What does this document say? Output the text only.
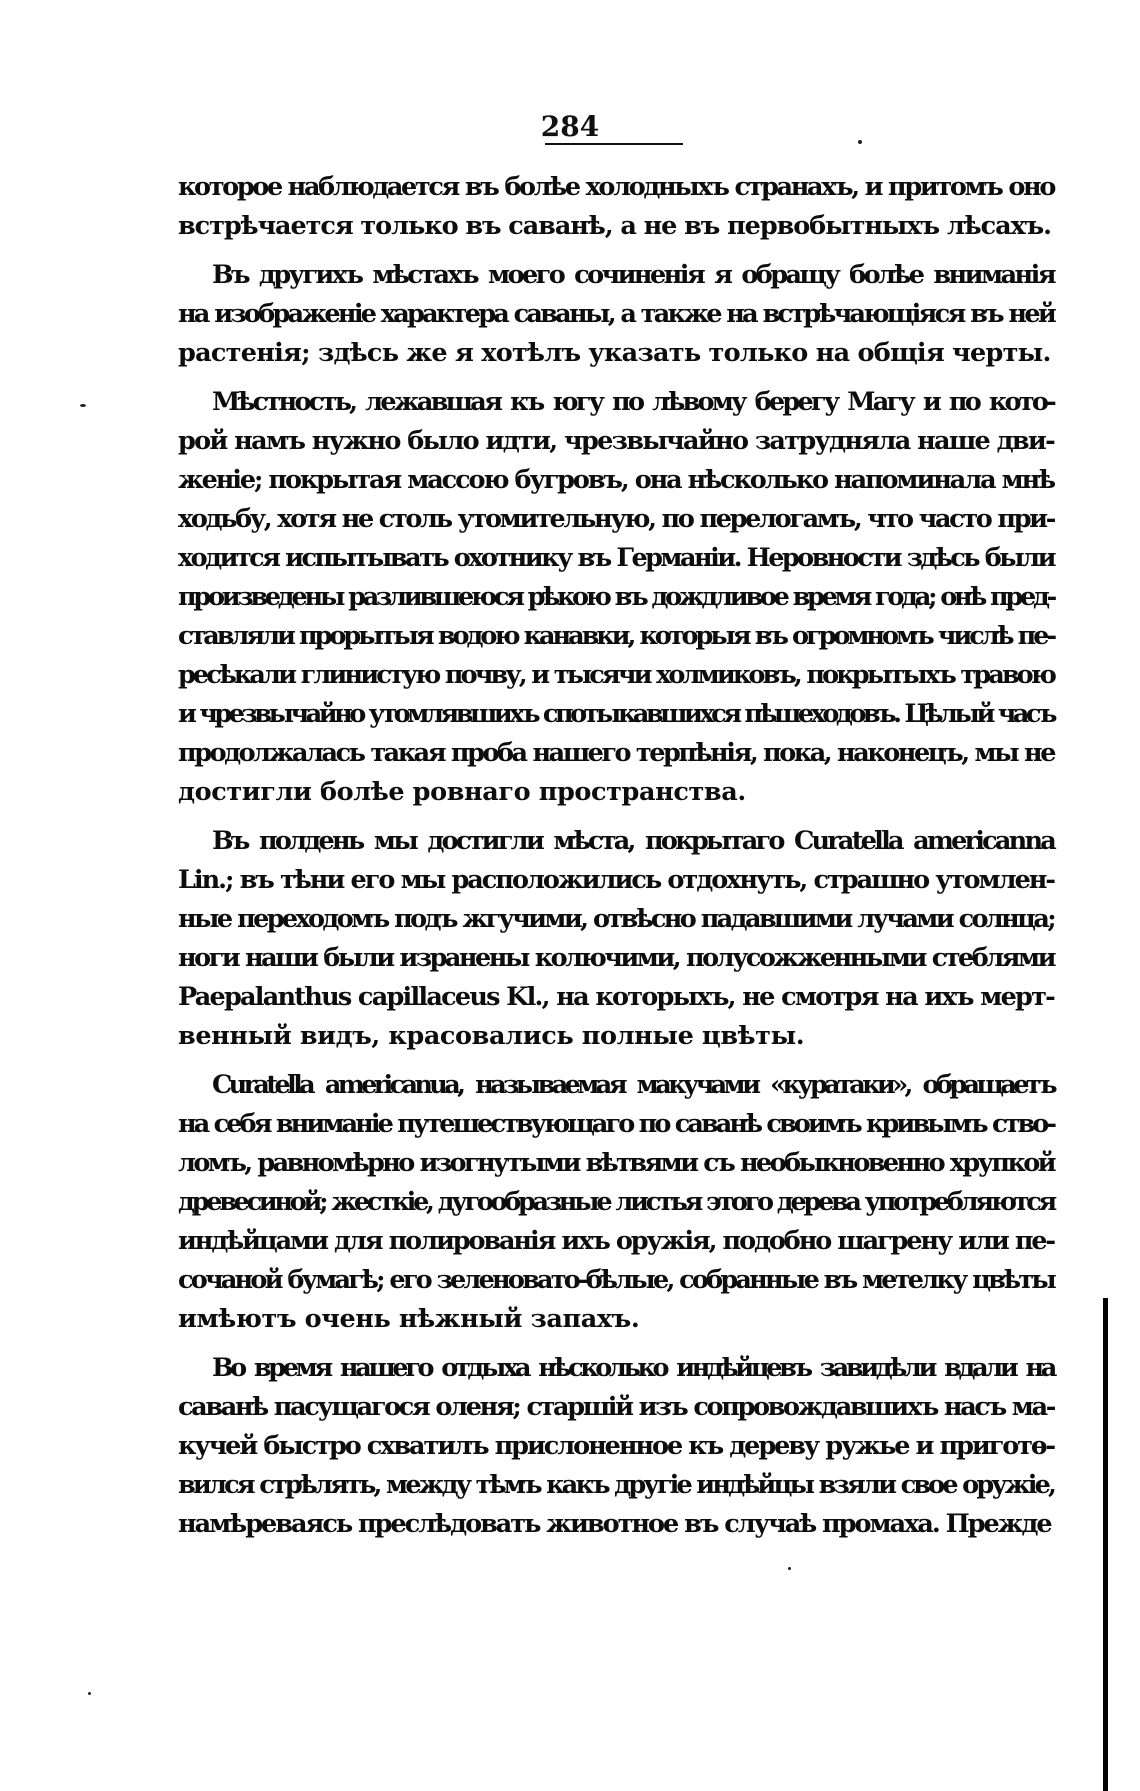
284
которое наблюдается въ болѣе холодныхъ странахъ, и притомъ оно
встрѣчается только въ саванѣ, а не въ первобытныхъ лѣсахъ.
Въ другихъ мѣстахъ моего сочиненія я обращу болѣе вниманія
на изображеніе характера саваны, а также на встрѣчающіяся въ ней
растенія; здѣсь же я хотѣлъ указать только на общія черты.
Мѣстность, лежавшая къ югу по лѣвому берегу Магу и по кото-
рой намъ нужно было идти, чрезвычайно затрудняла наше дви-
женіе; покрытая массою бугровъ, она нѣсколько напоминала мнѣ
ходьбу, хотя не столь утомительную, по перелогамъ, что часто при-
ходится испытывать охотнику въ Германіи. Неровности здѣсь были
произведены разлившеюся рѣкою въ дождливое время года; онѣ пред-
ставляли прорытыя водою канавки, которыя въ огромномъ числѣ пе-
ресѣкали глинистую почву, и тысячи холмиковъ, покрытыхъ травою
и чрезвычайно утомлявшихъ спотыкавшихся пѣшеходовъ. Цѣлый часъ
продолжалась такая проба нашего терпѣнія, пока, наконецъ, мы не
достигли болѣе ровнаго пространства.
Въ полдень мы достигли мѣста, покрытаго Curatella americanna
Lin.; въ тѣни его мы расположились отдохнуть, страшно утомлен-
ные переходомъ подъ жгучими, отвѣсно падавшими лучами солнца;
ноги наши были изранены колючими, полусожженными стеблями
Paepalanthus capillaceus Kl., на которыхъ, не смотря на ихъ мерт-
венный видъ, красовались полные цвѣты.
Curatella americanua, называемая макучами «куратаки», обращаетъ
на себя вниманіе путешествующаго по саванѣ своимъ кривымъ ство-
ломъ, равномѣрно изогнутыми вѣтвями съ необыкновенно хрупкой
древесиной; жесткіе, дугообразные листья этого дерева употребляются
индѣйцами для полированія ихъ оружія, подобно шагрену или пе-
сочаной бумагѣ; его зеленовато-бѣлые, собранные въ метелку цвѣты
имѣютъ очень нѣжный запахъ.
Во время нашего отдыха нѣсколько индѣйцевъ завидѣли вдали на
саванѣ пасущагося оленя; старшій изъ сопровождавшихъ насъ ма-
кучей быстро схватилъ прислоненное къ дереву ружье и приготѳ-
вился стрѣлять, между тѣмъ какъ другіе индѣйцы взяли свое оружіе,
намѣреваясь преслѣдовать животное въ случаѣ промаха. Прежде
